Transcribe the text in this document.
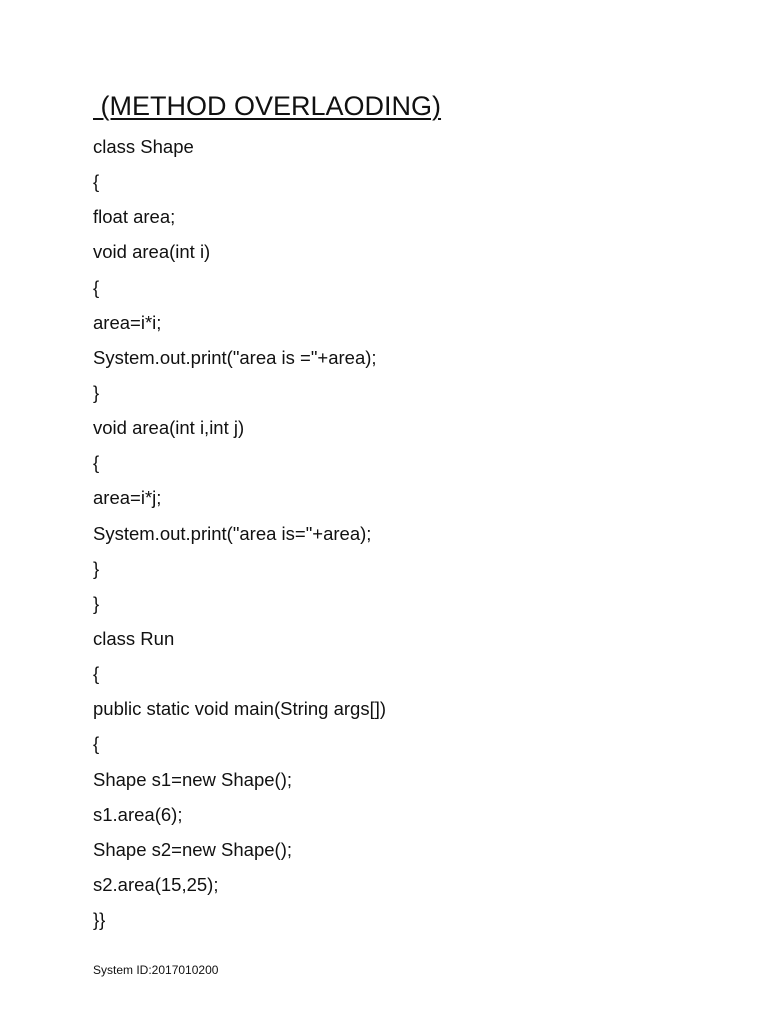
(METHOD OVERLAODING)
class Shape
{
float area;
void area(int i)
{
area=i*i;
System.out.print("area is ="+area);
}
void area(int i,int j)
{
area=i*j;
System.out.print("area is="+area);
}
}
class Run
{
public static void main(String args[])
{
Shape s1=new Shape();
s1.area(6);
Shape s2=new Shape();
s2.area(15,25);
}}
System ID:2017010200
